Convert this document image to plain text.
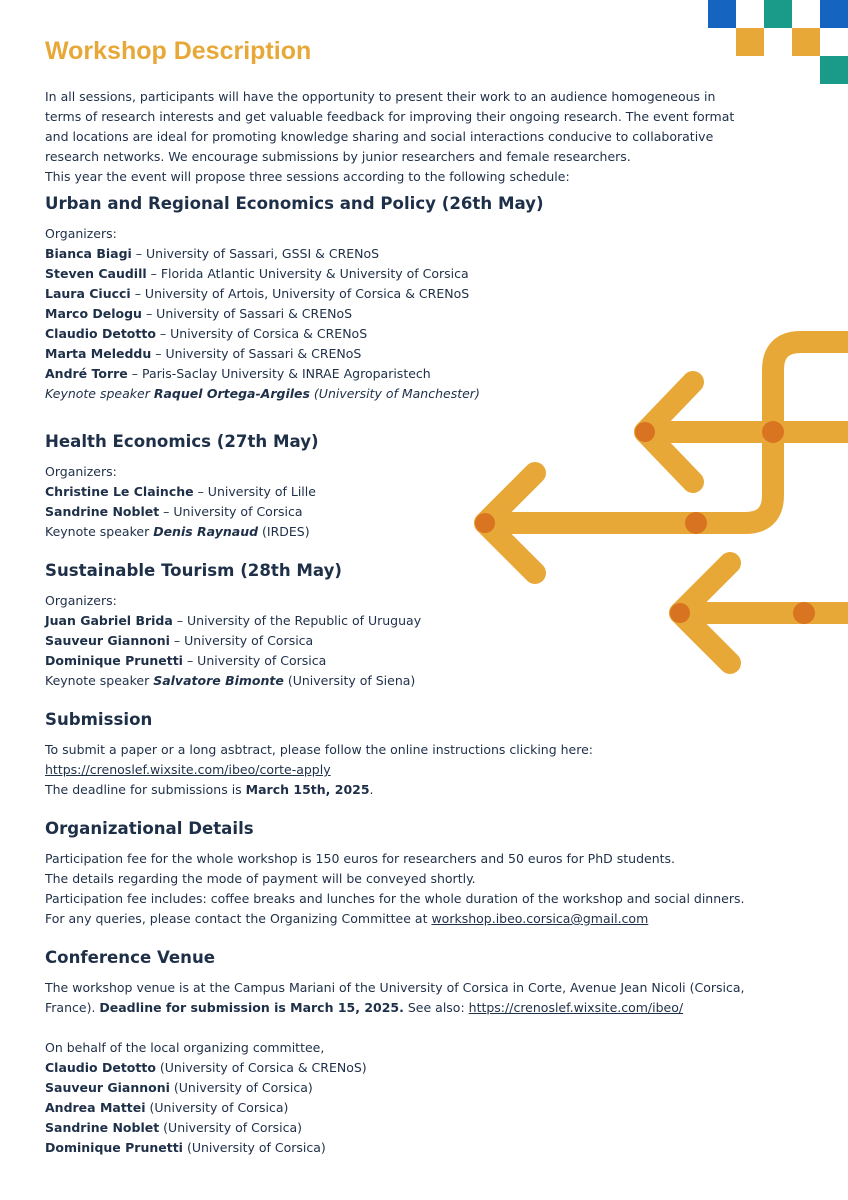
Workshop Description
In all sessions, participants will have the opportunity to present their work to an audience homogeneous in
terms of research interests and get valuable feedback for improving their ongoing research. The event format
and locations are ideal for promoting knowledge sharing and social interactions conducive to collaborative
research networks. We encourage submissions by junior researchers and female researchers.
This year the event will propose three sessions according to the following schedule:
Urban and Regional Economics and Policy (26th May)
Organizers:
Bianca Biagi – University of Sassari, GSSI & CRENoS
Steven Caudill – Florida Atlantic University & University of Corsica
Laura Ciucci – University of Artois, University of Corsica & CRENoS
Marco Delogu – University of Sassari & CRENoS
Claudio Detotto – University of Corsica & CRENoS
Marta Meleddu – University of Sassari & CRENoS
André Torre – Paris-Saclay University & INRAE Agroparistech
Keynote speaker Raquel Ortega-Argiles (University of Manchester)
Health Economics (27th May)
Organizers:
Christine Le Clainche – University of Lille
Sandrine Noblet – University of Corsica
Keynote speaker Denis Raynaud (IRDES)
Sustainable Tourism (28th May)
Organizers:
Juan Gabriel Brida – University of the Republic of Uruguay
Sauveur Giannoni – University of Corsica
Dominique Prunetti – University of Corsica
Keynote speaker Salvatore Bimonte (University of Siena)
Submission
To submit a paper or a long asbtract, please follow the online instructions clicking here:
https://crenoslef.wixsite.com/ibeo/corte-apply
The deadline for submissions is March 15th, 2025.
Organizational Details
Participation fee for the whole workshop is 150 euros for researchers and 50 euros for PhD students.
The details regarding the mode of payment will be conveyed shortly.
Participation fee includes: coffee breaks and lunches for the whole duration of the workshop and social dinners.
For any queries, please contact the Organizing Committee at workshop.ibeo.corsica@gmail.com
Conference Venue
The workshop venue is at the Campus Mariani of the University of Corsica in Corte, Avenue Jean Nicoli (Corsica,
France). Deadline for submission is March 15, 2025. See also: https://crenoslef.wixsite.com/ibeo/
On behalf of the local organizing committee,
Claudio Detotto (University of Corsica & CRENoS)
Sauveur Giannoni (University of Corsica)
Andrea Mattei (University of Corsica)
Sandrine Noblet (University of Corsica)
Dominique Prunetti (University of Corsica)
